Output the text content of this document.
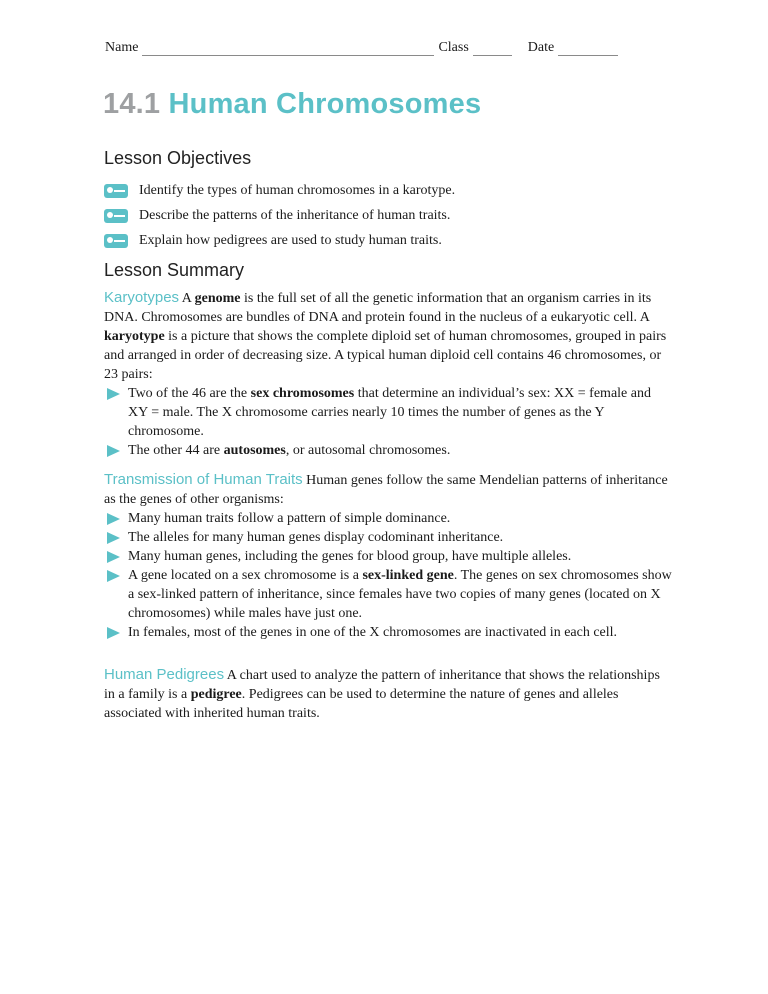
Name	Class	Date
14.1 Human Chromosomes
Lesson Objectives
Identify the types of human chromosomes in a karotype.
Describe the patterns of the inheritance of human traits.
Explain how pedigrees are used to study human traits.
Lesson Summary

Karyotypes A genome is the full set of all the genetic information that an organism carries in its DNA. Chromosomes are bundles of DNA and protein found in the nucleus of a eukaryotic cell. A karyotype is a picture that shows the complete diploid set of human chromosomes, grouped in pairs and arranged in order of decreasing size. A typical human diploid cell contains 46 chromosomes, or 23 pairs:

Two of the 46 are the sex chromosomes that determine an individual’s sex: XX = female and XY = male. The X chromosome carries nearly 10 times the number of genes as the Y chromosome.
The other 44 are autosomes, or autosomal chromosomes.

Transmission of Human Traits Human genes follow the same Mendelian patterns of inheritance as the genes of other organisms:

Many human traits follow a pattern of simple dominance.
The alleles for many human genes display codominant inheritance.
Many human genes, including the genes for blood group, have multiple alleles.
A gene located on a sex chromosome is a sex-linked gene. The genes on sex chromosomes show a sex-linked pattern of inheritance, since females have two copies of many genes (located on X chromosomes) while males have just one.
In females, most of the genes in one of the X chromosomes are inactivated in each cell.

Human Pedigrees A chart used to analyze the pattern of inheritance that shows the relationships in a family is a pedigree. Pedigrees can be used to determine the nature of genes and alleles associated with inherited human traits.
